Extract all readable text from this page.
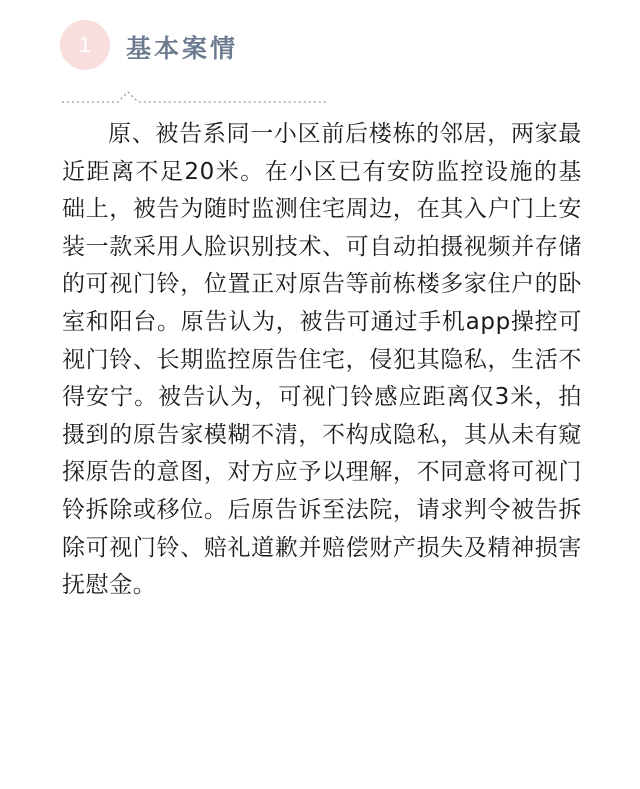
1	基本案情

原、被告系同一小区前后楼栋的邻居，两家最近距离不足20米。在小区已有安防监控设施的基础上，被告为随时监测住宅周边，在其入户门上安装一款采用人脸识别技术、可自动拍摄视频并存储的可视门铃，位置正对原告等前栋楼多家住户的卧室和阳台。原告认为，被告可通过手机app操控可视门铃、长期监控原告住宅，侵犯其隐私，生活不得安宁。被告认为，可视门铃感应距离仅3米，拍摄到的原告家模糊不清，不构成隐私，其从未有窥探原告的意图，对方应予以理解，不同意将可视门铃拆除或移位。后原告诉至法院，请求判令被告拆除可视门铃、赔礼道歉并赔偿财产损失及精神损害抚慰金。
